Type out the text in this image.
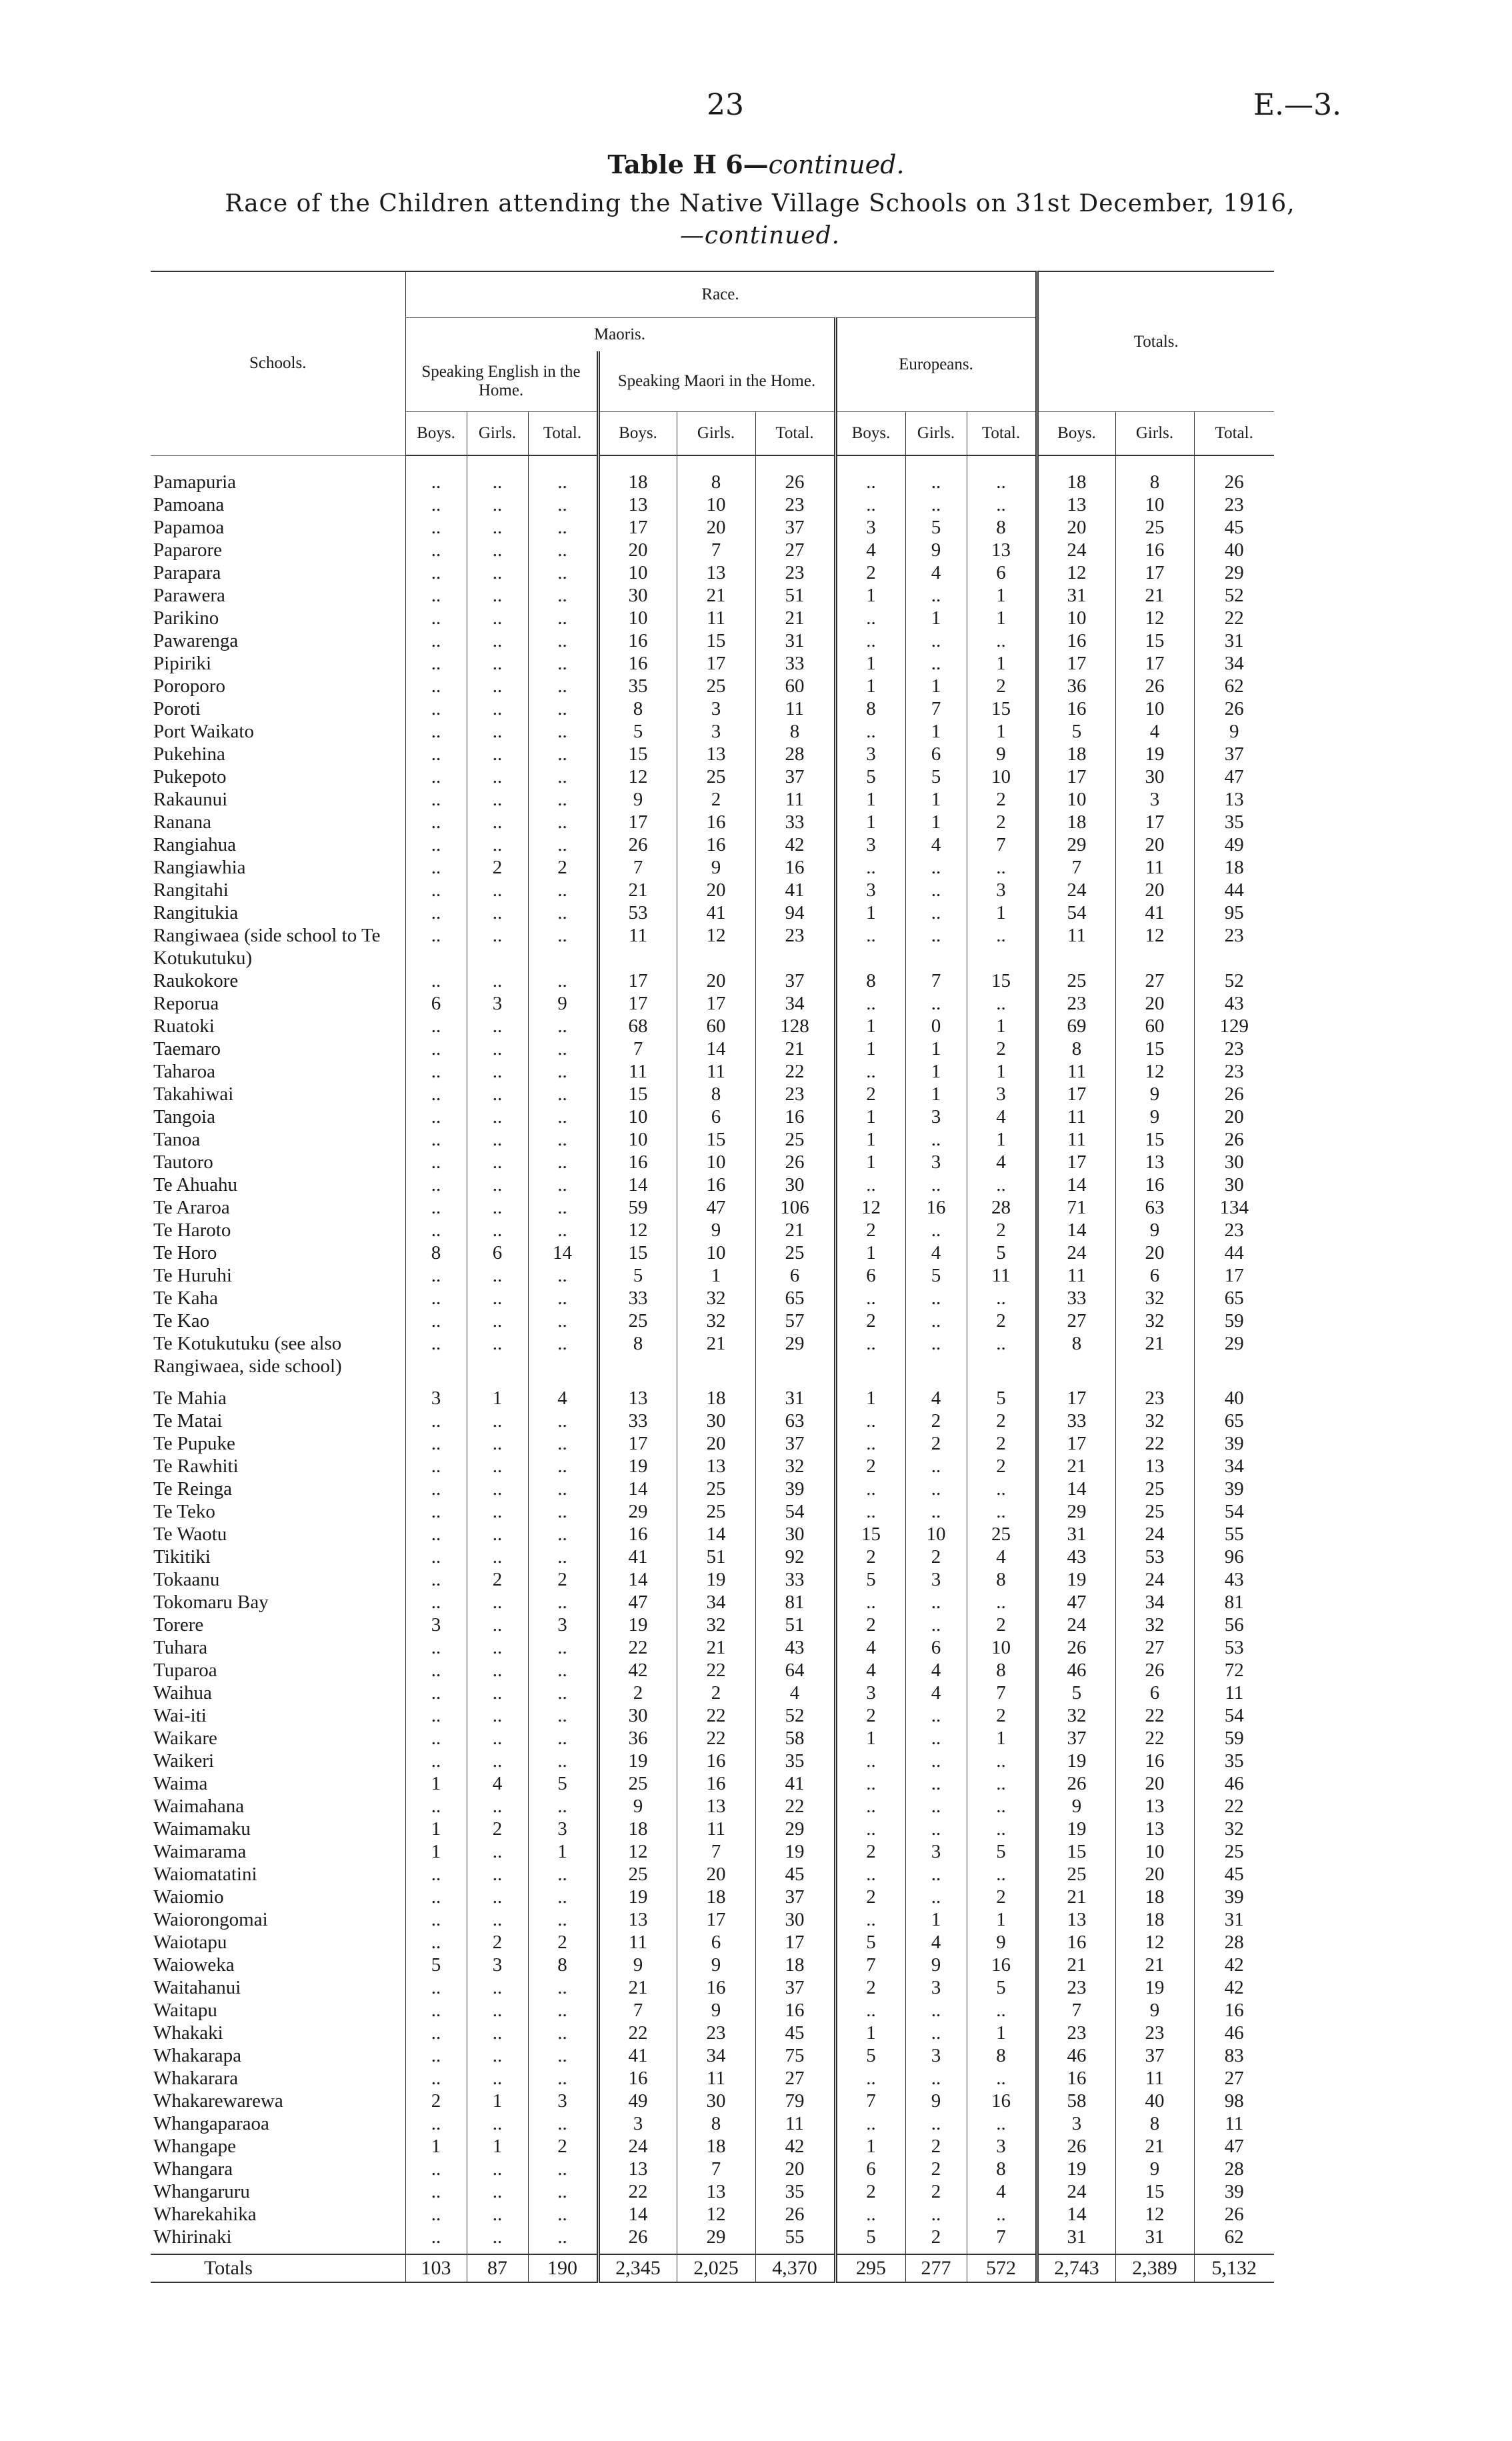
23	E.—3.
Table H 6—continued.
Race of the Children attending the Native Village Schools on 31st December, 1916,
—continued.
Schools.	Race.									Totals.		
	Maoris.						Europeans.					
	Speaking English in the Home.			Speaking Maori in the Home.								
	Boys.	Girls.	Total.	Boys.	Girls.	Total.	Boys.	Girls.	Total.	Boys.	Girls.	Total.
Pamapuria	..	..	..	18	8	26	..	..	..	18	8	26
Pamoana	..	..	..	13	10	23	..	..	..	13	10	23
Papamoa	..	..	..	17	20	37	3	5	8	20	25	45
Paparore	..	..	..	20	7	27	4	9	13	24	16	40
Parapara	..	..	..	10	13	23	2	4	6	12	17	29
Parawera	..	..	..	30	21	51	1	..	1	31	21	52
Parikino	..	..	..	10	11	21	..	1	1	10	12	22
Pawarenga	..	..	..	16	15	31	..	..	..	16	15	31
Pipiriki	..	..	..	16	17	33	1	..	1	17	17	34
Poroporo	..	..	..	35	25	60	1	1	2	36	26	62
Poroti	..	..	..	8	3	11	8	7	15	16	10	26
Port Waikato	..	..	..	5	3	8	..	1	1	5	4	9
Pukehina	..	..	..	15	13	28	3	6	9	18	19	37
Pukepoto	..	..	..	12	25	37	5	5	10	17	30	47
Rakaunui	..	..	..	9	2	11	1	1	2	10	3	13
Ranana	..	..	..	17	16	33	1	1	2	18	17	35
Rangiahua	..	..	..	26	16	42	3	4	7	29	20	49
Rangiawhia	..	2	2	7	9	16	..	..	..	7	11	18
Rangitahi	..	..	..	21	20	41	3	..	3	24	20	44
Rangitukia	..	..	..	53	41	94	1	..	1	54	41	95
Rangiwaea (side school to Te Kotukutuku)	..	..	..	11	12	23	..	..	..	11	12	23
Raukokore	..	..	..	17	20	37	8	7	15	25	27	52
Reporua	6	3	9	17	17	34	..	..	..	23	20	43
Ruatoki	..	..	..	68	60	128	1	0	1	69	60	129
Taemaro	..	..	..	7	14	21	1	1	2	8	15	23
Taharoa	..	..	..	11	11	22	..	1	1	11	12	23
Takahiwai	..	..	..	15	8	23	2	1	3	17	9	26
Tangoia	..	..	..	10	6	16	1	3	4	11	9	20
Tanoa	..	..	..	10	15	25	1	..	1	11	15	26
Tautoro	..	..	..	16	10	26	1	3	4	17	13	30
Te Ahuahu	..	..	..	14	16	30	..	..	..	14	16	30
Te Araroa	..	..	..	59	47	106	12	16	28	71	63	134
Te Haroto	..	..	..	12	9	21	2	..	2	14	9	23
Te Horo	8	6	14	15	10	25	1	4	5	24	20	44
Te Huruhi	..	..	..	5	1	6	6	5	11	11	6	17
Te Kaha	..	..	..	33	32	65	..	..	..	33	32	65
Te Kao	..	..	..	25	32	57	2	..	2	27	32	59
Te Kotukutuku (see also Rangiwaea, side school)	..	..	..	8	21	29	..	..	..	8	21	29
Te Mahia	3	1	4	13	18	31	1	4	5	17	23	40
Te Matai	..	..	..	33	30	63	..	2	2	33	32	65
Te Pupuke	..	..	..	17	20	37	..	2	2	17	22	39
Te Rawhiti	..	..	..	19	13	32	2	..	2	21	13	34
Te Reinga	..	..	..	14	25	39	..	..	..	14	25	39
Te Teko	..	..	..	29	25	54	..	..	..	29	25	54
Te Waotu	..	..	..	16	14	30	15	10	25	31	24	55
Tikitiki	..	..	..	41	51	92	2	2	4	43	53	96
Tokaanu	..	2	2	14	19	33	5	3	8	19	24	43
Tokomaru Bay	..	..	..	47	34	81	..	..	..	47	34	81
Torere	3	..	3	19	32	51	2	..	2	24	32	56
Tuhara	..	..	..	22	21	43	4	6	10	26	27	53
Tuparoa	..	..	..	42	22	64	4	4	8	46	26	72
Waihua	..	..	..	2	2	4	3	4	7	5	6	11
Wai-iti	..	..	..	30	22	52	2	..	2	32	22	54
Waikare	..	..	..	36	22	58	1	..	1	37	22	59
Waikeri	..	..	..	19	16	35	..	..	..	19	16	35
Waima	1	4	5	25	16	41	..	..	..	26	20	46
Waimahana	..	..	..	9	13	22	..	..	..	9	13	22
Waimamaku	1	2	3	18	11	29	..	..	..	19	13	32
Waimarama	1	..	1	12	7	19	2	3	5	15	10	25
Waiomatatini	..	..	..	25	20	45	..	..	..	25	20	45
Waiomio	..	..	..	19	18	37	2	..	2	21	18	39
Waiorongomai	..	..	..	13	17	30	..	1	1	13	18	31
Waiotapu	..	2	2	11	6	17	5	4	9	16	12	28
Waioweka	5	3	8	9	9	18	7	9	16	21	21	42
Waitahanui	..	..	..	21	16	37	2	3	5	23	19	42
Waitapu	..	..	..	7	9	16	..	..	..	7	9	16
Whakaki	..	..	..	22	23	45	1	..	1	23	23	46
Whakarapa	..	..	..	41	34	75	5	3	8	46	37	83
Whakarara	..	..	..	16	11	27	..	..	..	16	11	27
Whakarewarewa	2	1	3	49	30	79	7	9	16	58	40	98
Whangaparaoa	..	..	..	3	8	11	..	..	..	3	8	11
Whangape	1	1	2	24	18	42	1	2	3	26	21	47
Whangara	..	..	..	13	7	20	6	2	8	19	9	28
Whangaruru	..	..	..	22	13	35	2	2	4	24	15	39
Wharekahika	..	..	..	14	12	26	..	..	..	14	12	26
Whirinaki	..	..	..	26	29	55	5	2	7	31	31	62
Totals	103	87	190	2,345	2,025	4,370	295	277	572	2,743	2,389	5,132
